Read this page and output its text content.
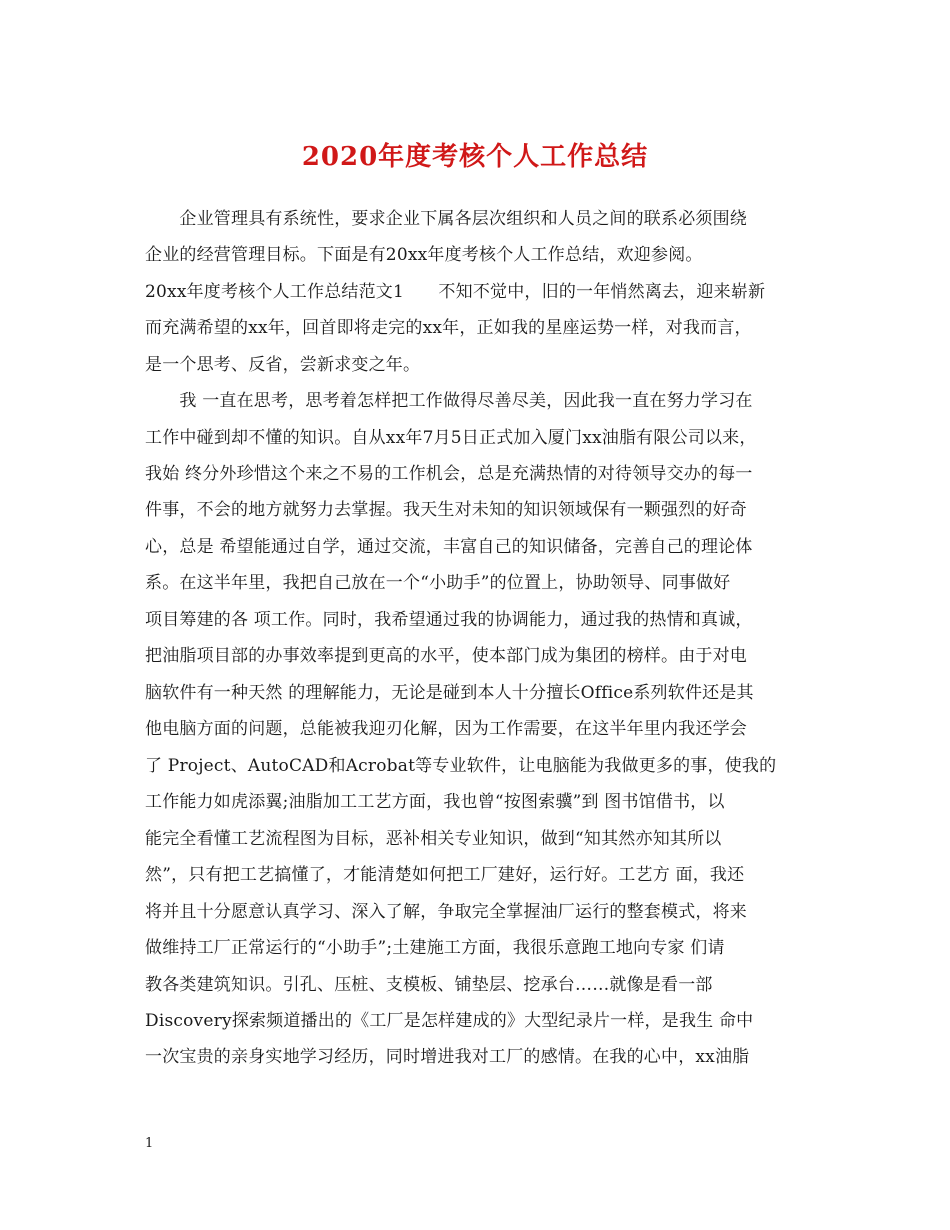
2020年度考核个人工作总结
　　企业管理具有系统性，要求企业下属各层次组织和人员之间的联系必须围绕
企业的经营管理目标。下面是有20xx年度考核个人工作总结，欢迎参阅。
20xx年度考核个人工作总结范文1　　不知不觉中，旧的一年悄然离去，迎来崭新
而充满希望的xx年，回首即将走完的xx年，正如我的星座运势一样，对我而言，
是一个思考、反省，尝新求变之年。
　　我 一直在思考，思考着怎样把工作做得尽善尽美，因此我一直在努力学习在
工作中碰到却不懂的知识。自从xx年7月5日正式加入厦门xx油脂有限公司以来，
我始 终分外珍惜这个来之不易的工作机会，总是充满热情的对待领导交办的每一
件事，不会的地方就努力去掌握。我天生对未知的知识领域保有一颗强烈的好奇
心，总是 希望能通过自学，通过交流，丰富自己的知识储备，完善自己的理论体
系。在这半年里，我把自己放在一个“小助手”的位置上，协助领导、同事做好
项目筹建的各 项工作。同时，我希望通过我的协调能力，通过我的热情和真诚，
把油脂项目部的办事效率提到更高的水平，使本部门成为集团的榜样。由于对电
脑软件有一种天然 的理解能力，无论是碰到本人十分擅长Office系列软件还是其
他电脑方面的问题，总能被我迎刃化解，因为工作需要，在这半年里内我还学会
了 Project、AutoCAD和Acrobat等专业软件，让电脑能为我做更多的事，使我的
工作能力如虎添翼;油脂加工工艺方面，我也曾“按图索骥”到 图书馆借书，以
能完全看懂工艺流程图为目标，恶补相关专业知识，做到“知其然亦知其所以
然”，只有把工艺搞懂了，才能清楚如何把工厂建好，运行好。工艺方 面，我还
将并且十分愿意认真学习、深入了解，争取完全掌握油厂运行的整套模式，将来
做维持工厂正常运行的“小助手”;土建施工方面，我很乐意跑工地向专家 们请
教各类建筑知识。引孔、压桩、支模板、铺垫层、挖承台……就像是看一部
Discovery探索频道播出的《工厂是怎样建成的》大型纪录片一样，是我生 命中
一次宝贵的亲身实地学习经历，同时增进我对工厂的感情。在我的心中，xx油脂
1
